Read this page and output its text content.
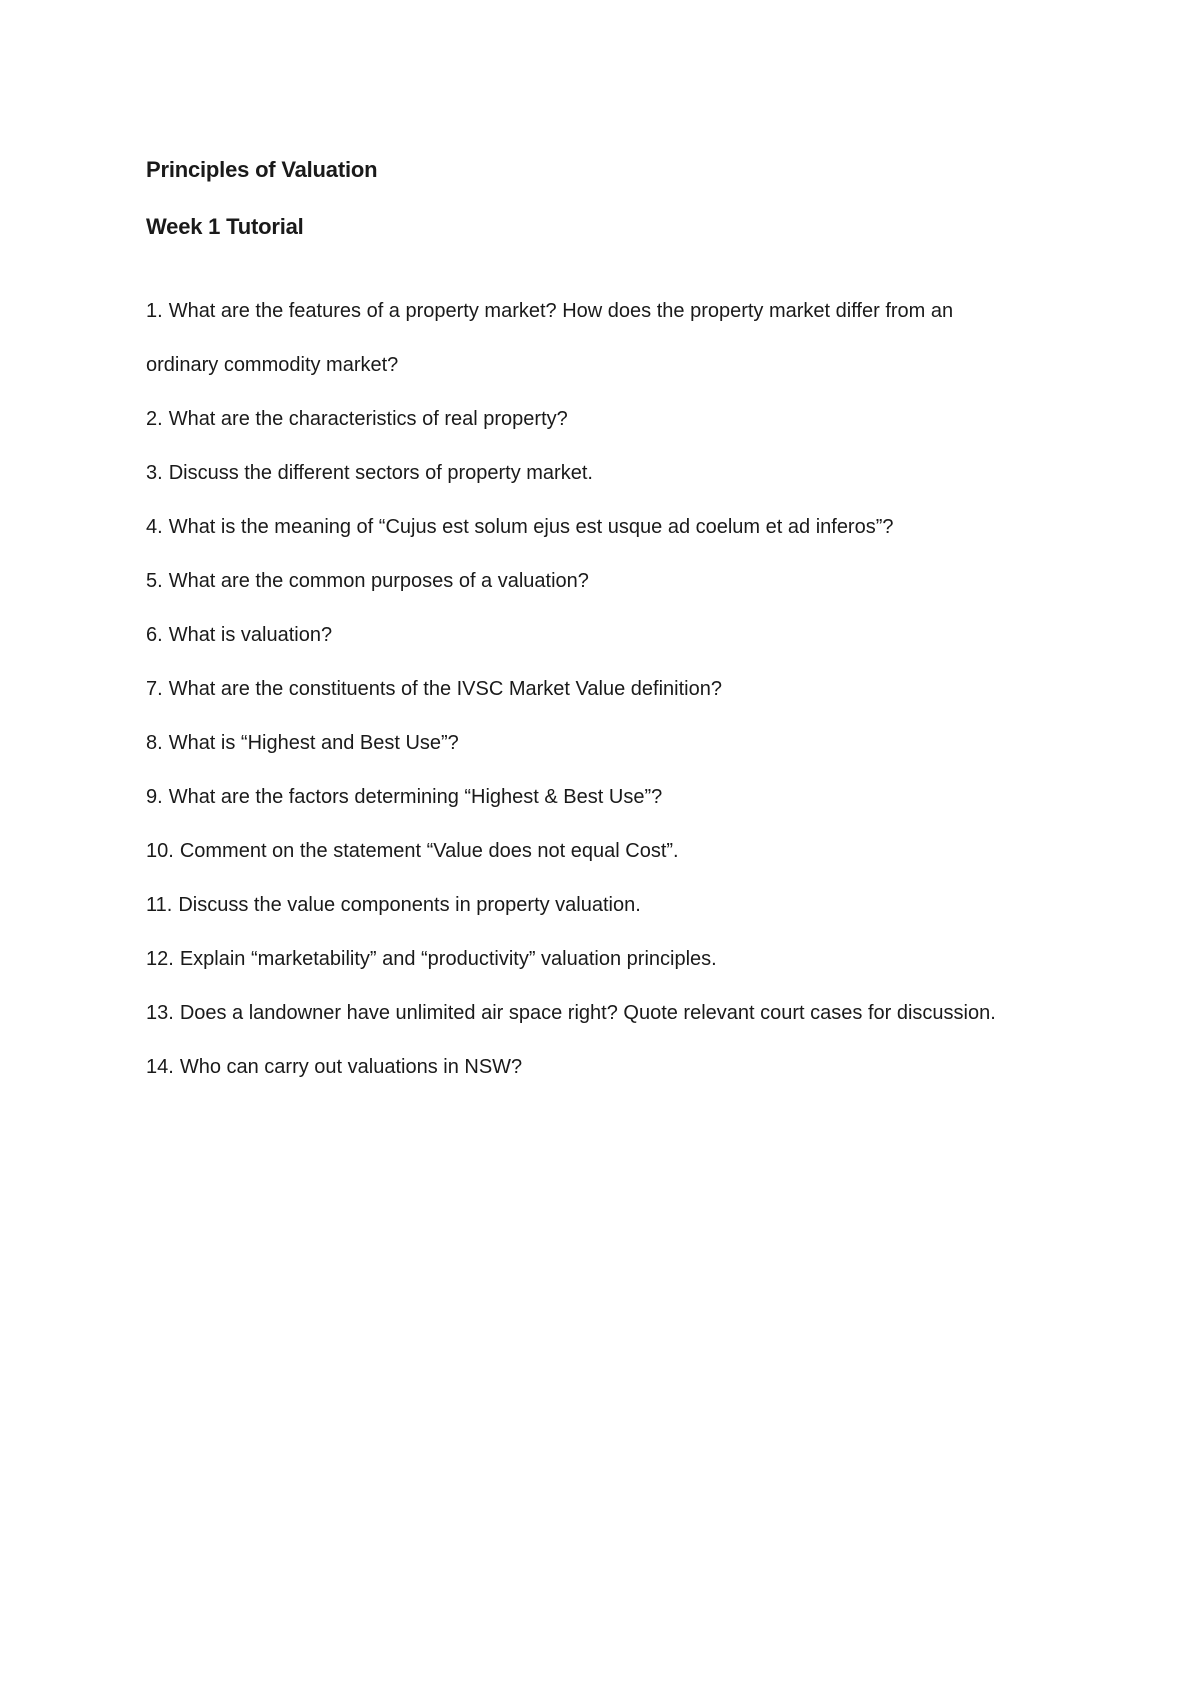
Principles of Valuation
Week 1 Tutorial
1. What are the features of a property market? How does the property market differ from an ordinary commodity market?
2. What are the characteristics of real property?
3. Discuss the different sectors of property market.
4. What is the meaning of “Cujus est solum ejus est usque ad coelum et ad inferos”?
5. What are the common purposes of a valuation?
6. What is valuation?
7. What are the constituents of the IVSC Market Value definition?
8. What is “Highest and Best Use”?
9. What are the factors determining “Highest & Best Use”?
10. Comment on the statement “Value does not equal Cost”.
11. Discuss the value components in property valuation.
12. Explain “marketability” and “productivity” valuation principles.
13. Does a landowner have unlimited air space right? Quote relevant court cases for discussion.
14. Who can carry out valuations in NSW?
